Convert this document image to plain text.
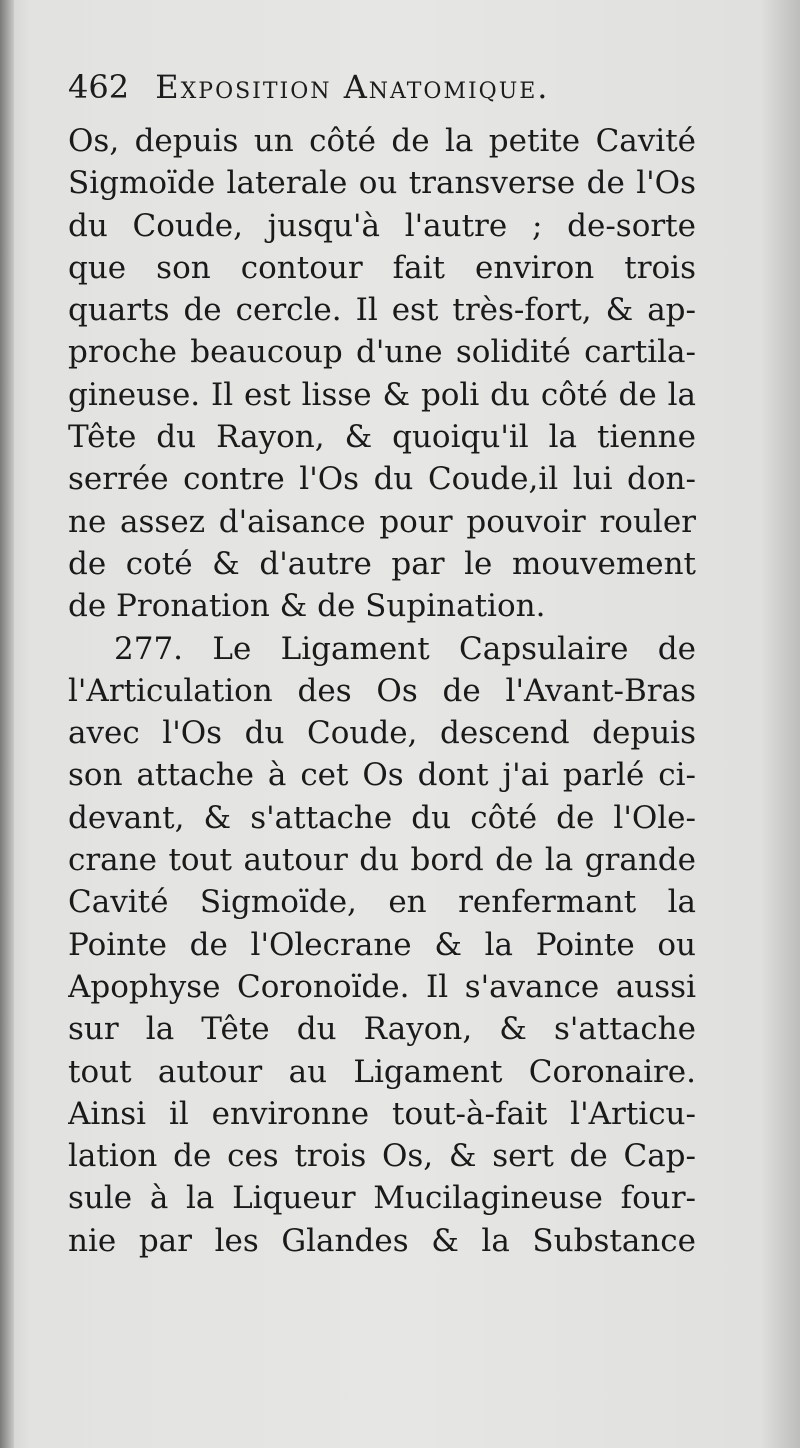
462 Exposition Anatomique.
Os, depuis un côté de la petite Cavité
Sigmoïde laterale ou transverse de l'Os
du Coude, jusqu'à l'autre ; de-sorte
que son contour fait environ trois
quarts de cercle. Il est très-fort, & ap-
proche beaucoup d'une solidité cartila-
gineuse. Il est lisse & poli du côté de la
Tête du Rayon, & quoiqu'il la tienne
serrée contre l'Os du Coude,il lui don-
ne assez d'aisance pour pouvoir rouler
de coté & d'autre par le mouvement
de Pronation & de Supination.
277. Le Ligament Capsulaire de
l'Articulation des Os de l'Avant-Bras
avec l'Os du Coude, descend depuis
son attache à cet Os dont j'ai parlé ci-
devant, & s'attache du côté de l'Ole-
crane tout autour du bord de la grande
Cavité Sigmoïde, en renfermant la
Pointe de l'Olecrane & la Pointe ou
Apophyse Coronoïde. Il s'avance aussi
sur la Tête du Rayon, & s'attache
tout autour au Ligament Coronaire.
Ainsi il environne tout-à-fait l'Articu-
lation de ces trois Os, & sert de Cap-
sule à la Liqueur Mucilagineuse four-
nie par les Glandes & la Substance
